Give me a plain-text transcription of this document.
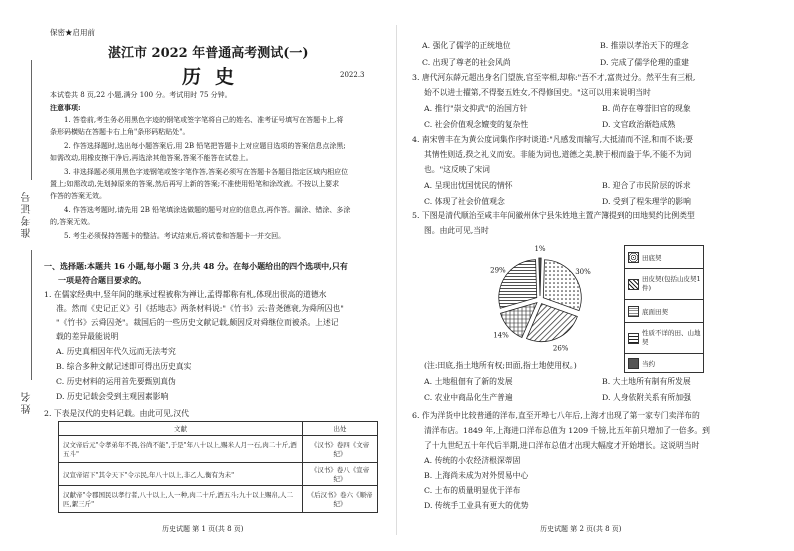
准考证号
姓名
保密★启用前
湛江市 2022 年普通高考测试(一)
历史	2022.3
本试卷共 8 页,22 小题,满分 100 分。考试用时 75 分钟。
注意事项:
1. 答卷前,考生务必用黑色字迹的钢笔或签字笔将自己的姓名、准考证号填写在答题卡上,将
条形码横贴在答题卡右上角"条形码粘贴处"。
2. 作答选择题时,选出每小题答案后,用 2B 铅笔把答题卡上对应题目选项的答案信息点涂黑;
如需改动,用橡皮擦干净后,再选涂其他答案,答案不能答在试卷上。
3. 非选择题必须用黑色字迹钢笔或签字笔作答,答案必须写在答题卡各题目指定区域内相应位
置上;如需改动,先划掉原来的答案,然后再写上新的答案;不准使用铅笔和涂改液。不按以上要求
作答的答案无效。
4. 作答选考题时,请先用 2B 铅笔填涂选做题的题号对应的信息点,再作答。漏涂、错涂、多涂
的,答案无效。
5. 考生必须保持答题卡的整洁。考试结束后,将试卷和答题卡一并交回。
一、选择题:本题共 16 小题,每小题 3 分,共 48 分。在每小题给出的四个选项中,只有
一项是符合题目要求的。
1. 在儒家经典中,竖年间的继承过程被称为禅让,孟得都称有札,体现出很高的道德水
准。然而《史记正义》引《括地志》两条材料说:"《竹书》云:昔尧德衰,为舜所囚也"
"《竹书》云舜囚尧"。裁国后的一些历史文献记载,颇因反对舜继位而被杀。上述记
载的差异最能说明
A. 历史真相因年代久远而无法考究
B. 综合多种文献记述即可得出历史真实
C. 历史材料的运用首先要甄别真伪
D. 历史记载会受到主观因素影响
2. 下表是汉代的史料记载。由此可见,汉代
文献	出处
汉文帝后元"令孝弟年不畏,谷尚不能",于是"年八十以上,赐米人月一石,肉二十斤,酒五斗"	《汉书》卷四《文帝纪》
汉宣帝诏下"其令天下"令示民,年八十以上,非乙人,衡有为未"	《汉书》卷八《宣帝纪》
汉献帝"令郡国民以孝行者,八十以上,人一种,肉二十斤,酒五斗;九十以上赐帛,人二匹,絮三斤"	《后汉书》卷六《顺帝纪》
历史试题 第 1 页(共 8 页)
A. 强化了儒学的正统地位	B. 推崇以孝治天下的理念
C. 出现了尊老的社会风尚	D. 完成了儒学伦理的重建
3. 唐代河东薛元超出身名门望族,官至宰相,却称:"吾不才,富贵过分。然平生有三根,
始不以进士擢第,不得娶五姓女,不得修国史。"这可以用来说明当时
A. 推行"崇文抑武"的治国方针	B. 尚存在尊誉旧官的现象
C. 社会价值观念嬗变的复杂性	D. 文官政治渐趋成熟
4. 南宋曾丰在为黄公度词集作序时谈道:"凡感发而输写,大抵清而不淫,和而不谈;要
其情性则适,揆之礼义而安。非能为词也,道德之美,腴于根而盎于华,不能不为词
也。"这反映了宋词
A. 呈现出忧国忧民的情怀	B. 迎合了市民阶层的诉求
C. 体现了社会价值观念	D. 受到了程朱理学的影响
5. 下图是清代顺治至咸丰年间徽州休宁县朱姓地主置产簿提到的田地契约比例类型
图。由此可见,当时
30%
26%
14%
29%
1%
田底契
田皮契(包括山皮契1件)
底面田契
性质不详的田、山地契
当约
(注:田底,指土地所有权;田面,指土地使用权。)
A. 土地租佃有了新的发展	B. 大土地所有制有所发展
C. 农业中商品化生产普遍	D. 人身依附关系有所加强
6. 作为洋货中比较普通的洋布,直至开埠七八年后,上海才出现了第一家专门卖洋布的
清洋布店。1849 年,上海进口洋布总值为 1209 千镑,比五年前只增加了一倍多。到
了十九世纪五十年代后半期,进口洋布总值才出现大幅度才开始增长。这说明当时
A. 传统的小农经济根深蒂固
B. 上海尚未成为对外贸易中心
C. 土布的质量明显优于洋布
D. 传统手工业具有更大的优势
历史试题 第 2 页(共 8 页)
